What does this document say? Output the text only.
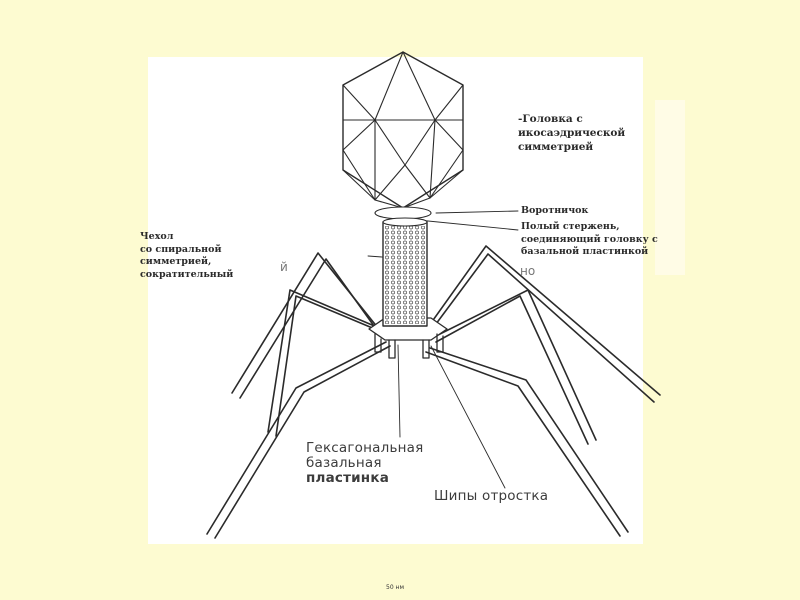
-Головка с
икосаэдрической
симметрией
Воротничок
Полый стержень,
соединяющий головку с
базальной пластинкой
Чехол
со спиральной
симметрией,
сократительный
Гексагональная
базальная
пластинка
Шипы отростка
й	но
50 нм
